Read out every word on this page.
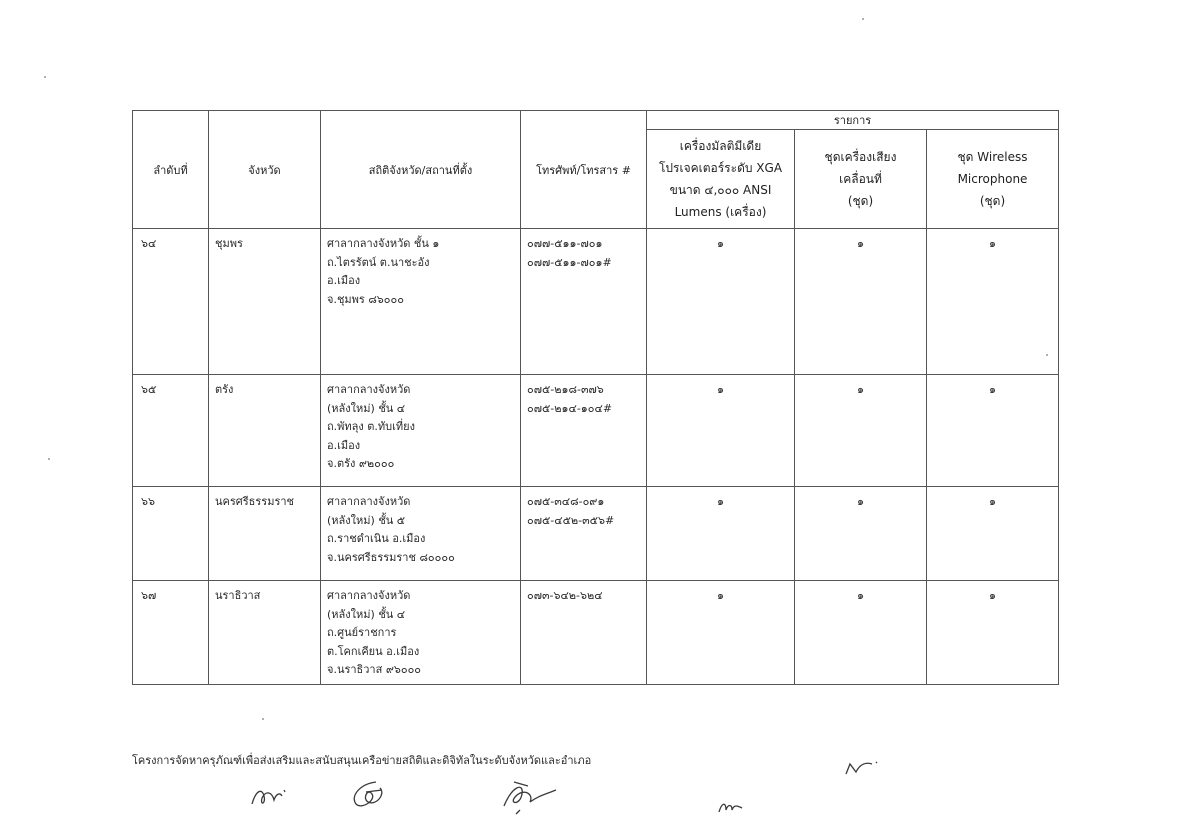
ลำดับที่	จังหวัด	สถิติจังหวัด/สถานที่ตั้ง	โทรศัพท์/โทรสาร #	รายการ		

				เครื่องมัลติมีเดีย
โปรเจคเตอร์ระดับ XGA
ขนาด ๔,๐๐๐ ANSI
Lumens (เครื่อง)	ชุดเครื่องเสียง
เคลื่อนที่
(ชุด)	ชุด Wireless
Microphone
(ชุด)

๖๔	ชุมพร	ศาลากลางจังหวัด ชั้น ๑
ถ.ไตรรัตน์ ต.นาชะอัง
อ.เมือง
จ.ชุมพร ๘๖๐๐๐	๐๗๗-๕๑๑-๗๐๑
๐๗๗-๕๑๑-๗๐๑#	๑	๑	๑

๖๕	ตรัง	ศาลากลางจังหวัด
(หลังใหม่) ชั้น ๔
ถ.พัทลุง ต.ทับเที่ยง
อ.เมือง
จ.ตรัง ๙๒๐๐๐	๐๗๕-๒๑๘-๓๗๖
๐๗๕-๒๑๔-๑๐๔#	๑	๑	๑

๖๖	นครศรีธรรมราช	ศาลากลางจังหวัด
(หลังใหม่) ชั้น ๕
ถ.ราชดำเนิน อ.เมือง
จ.นครศรีธรรมราช ๘๐๐๐๐	๐๗๕-๓๔๘-๐๙๑
๐๗๕-๔๕๒-๓๕๖#	๑	๑	๑

๖๗	นราธิวาส	ศาลากลางจังหวัด
(หลังใหม่) ชั้น ๔
ถ.ศูนย์ราชการ
ต.โคกเคียน อ.เมือง
จ.นราธิวาส ๙๖๐๐๐	๐๗๓-๖๔๒-๖๒๔	๑	๑	๑
โครงการจัดหาครุภัณฑ์เพื่อส่งเสริมและสนับสนุนเครือข่ายสถิติและดิจิทัลในระดับจังหวัดและอำเภอ
